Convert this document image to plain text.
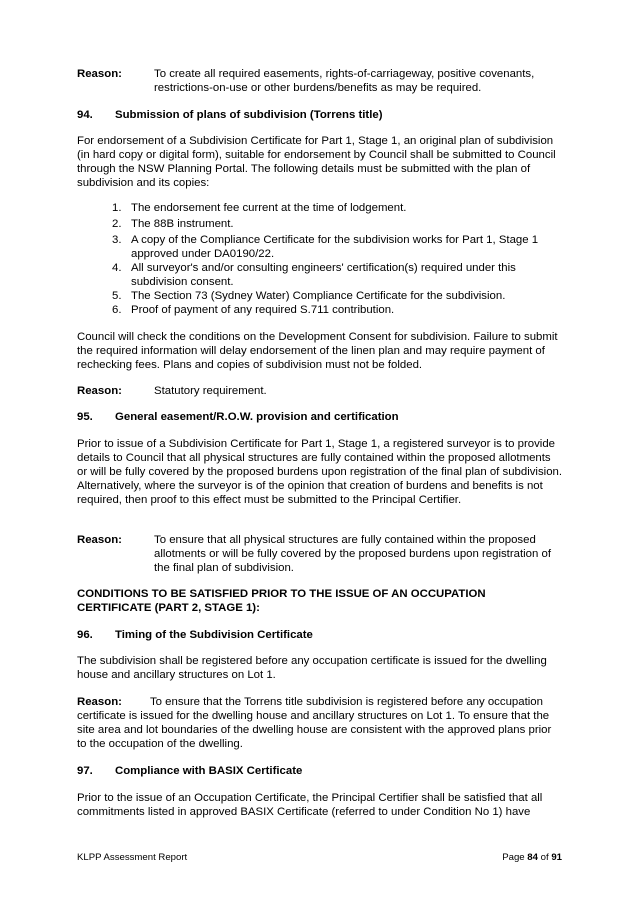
Reason:	To create all required easements, rights-of-carriageway, positive covenants, restrictions-on-use or other burdens/benefits as may be required.
94.	Submission of plans of subdivision (Torrens title)
For endorsement of a Subdivision Certificate for Part 1, Stage 1, an original plan of subdivision (in hard copy or digital form), suitable for endorsement by Council shall be submitted to Council through the NSW Planning Portal. The following details must be submitted with the plan of subdivision and its copies:
1. The endorsement fee current at the time of lodgement.
2. The 88B instrument.
3. A copy of the Compliance Certificate for the subdivision works for Part 1, Stage 1 approved under DA0190/22.
4. All surveyor's and/or consulting engineers' certification(s) required under this subdivision consent.
5. The Section 73 (Sydney Water) Compliance Certificate for the subdivision.
6. Proof of payment of any required S.711 contribution.
Council will check the conditions on the Development Consent for subdivision. Failure to submit the required information will delay endorsement of the linen plan and may require payment of rechecking fees. Plans and copies of subdivision must not be folded.
Reason:	Statutory requirement.
95.	General easement/R.O.W. provision and certification
Prior to issue of a Subdivision Certificate for Part 1, Stage 1, a registered surveyor is to provide details to Council that all physical structures are fully contained within the proposed allotments or will be fully covered by the proposed burdens upon registration of the final plan of subdivision. Alternatively, where the surveyor is of the opinion that creation of burdens and benefits is not required, then proof to this effect must be submitted to the Principal Certifier.
Reason:	To ensure that all physical structures are fully contained within the proposed allotments or will be fully covered by the proposed burdens upon registration of the final plan of subdivision.
CONDITIONS TO BE SATISFIED PRIOR TO THE ISSUE OF AN OCCUPATION CERTIFICATE (PART 2, STAGE 1):
96.	Timing of the Subdivision Certificate
The subdivision shall be registered before any occupation certificate is issued for the dwelling house and ancillary structures on Lot 1.
Reason: To ensure that the Torrens title subdivision is registered before any occupation certificate is issued for the dwelling house and ancillary structures on Lot 1. To ensure that the site area and lot boundaries of the dwelling house are consistent with the approved plans prior to the occupation of the dwelling.
97.	Compliance with BASIX Certificate
Prior to the issue of an Occupation Certificate, the Principal Certifier shall be satisfied that all commitments listed in approved BASIX Certificate (referred to under Condition No 1) have
KLPP Assessment Report	Page 84 of 91
